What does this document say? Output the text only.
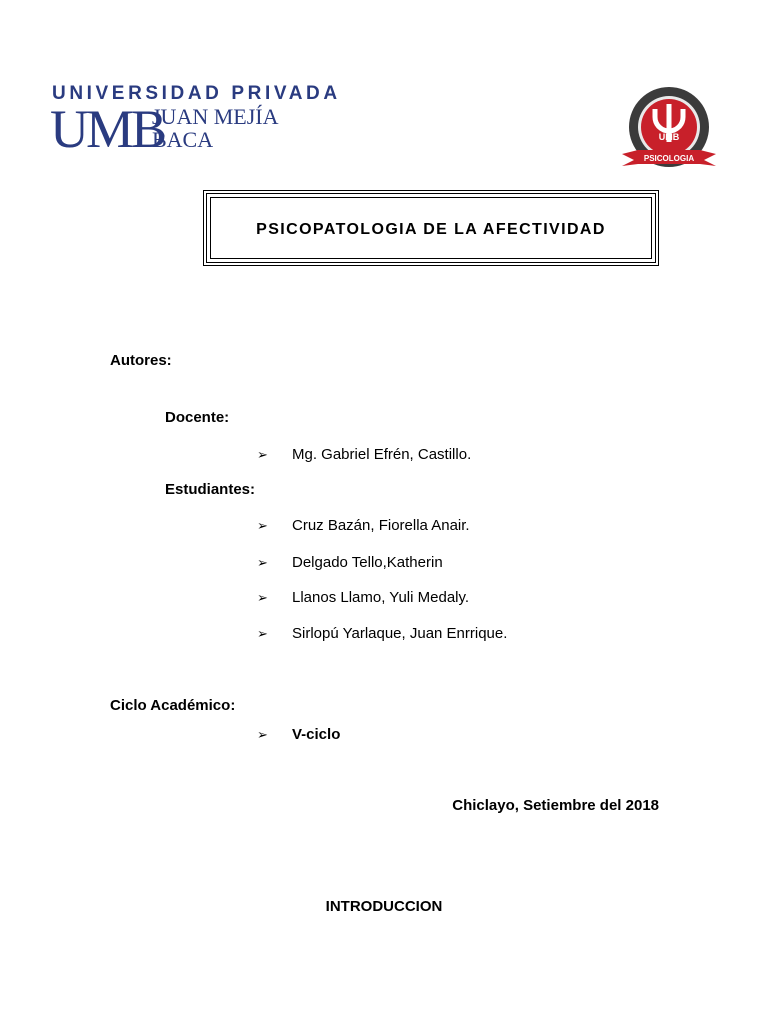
UNIVERSIDAD PRIVADA
UMB
JUAN MEJÍA
BACA	UMB
PSICOLOGIA
PSICOPATOLOGIA DE LA AFECTIVIDAD
Autores:
Docente:
➢ Mg. Gabriel Efrén, Castillo.
Estudiantes:
➢ Cruz Bazán, Fiorella Anair.
➢ Delgado Tello,Katherin
➢ Llanos Llamo, Yuli Medaly.
➢ Sirlopú Yarlaque, Juan Enrrique.
Ciclo Académico:
➢ V-ciclo
Chiclayo, Setiembre del 2018
INTRODUCCION
